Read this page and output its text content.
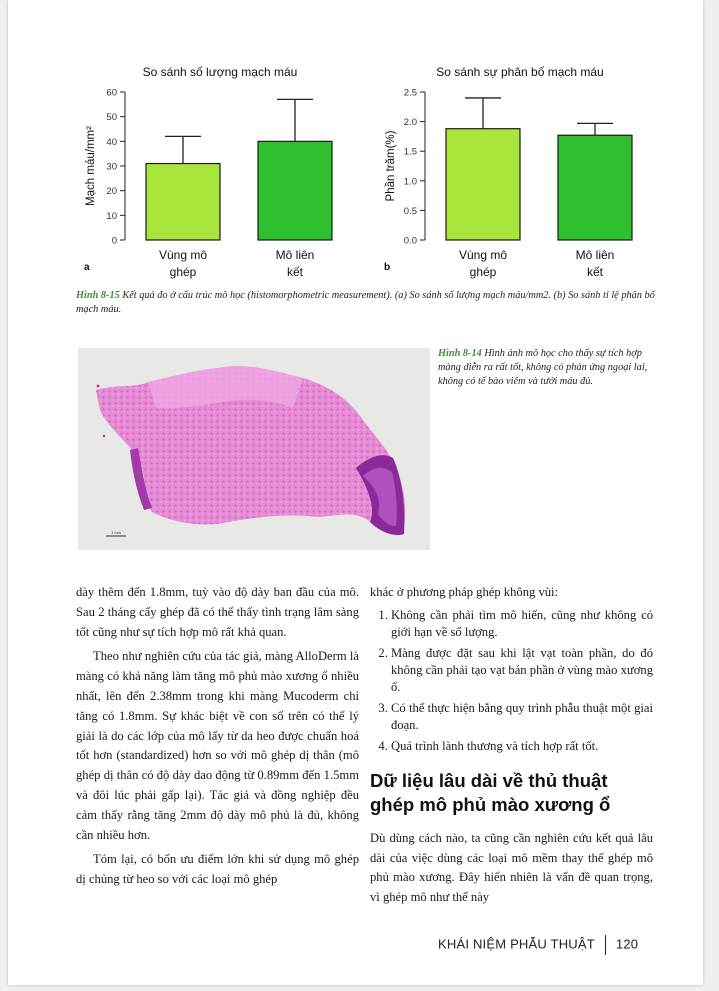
So sánh số lượng mạch máu
0
10
20
30
40
50
60
Mạch máu/mm²
Vùng mô
ghép
Mô liên
kết
a
So sánh sự phân bố mạch máu
0.0
0.5
1.0
1.5
2.0
2.5
Phần trăm(%)
Vùng mô
ghép
Mô liên
kết
b
Hình 8-15 Kết quả đo ở cấu trúc mô học (histomorphometric measurement). (a) So sánh số lượng mạch máu/mm2. (b) So sánh tỉ lệ phân bố mạch máu.
1 mm
Hình 8-14 Hình ảnh mô học cho thấy sự tích hợp màng diễn ra rất tốt, không có phản ứng ngoại lai, không có tế bào viêm và tưới máu đủ.

dày thêm đến 1.8mm, tuỳ vào độ dày ban đầu của mô. Sau 2 tháng cấy ghép đã có thể thấy tình trạng lâm sàng tốt cũng như sự tích hợp mô rất khả quan.

Theo như nghiên cứu của tác giả, màng AlloDerm là màng có khả năng làm tăng mô phủ mào xương ổ nhiều nhất, lên đến 2.38mm trong khi màng Mucoderm chỉ tăng có 1.8mm. Sự khác biệt về con số trên có thể lý giải là do các lớp của mô lấy từ da heo được chuẩn hoá tốt hơn (standardized) hơn so với mô ghép dị thân (mô ghép dị thân có độ dày dao động từ 0.89mm đến 1.5mm và đôi lúc phải gấp lại). Tác giả và đồng nghiệp đều cảm thấy rằng tăng 2mm độ dày mô phủ là đủ, không cần nhiều hơn.

Tóm lại, có bốn ưu điểm lớn khi sử dụng mô ghép dị chủng từ heo so với các loại mô ghép

khác ở phương pháp ghép không vùi:

1. Không cần phải tìm mô hiến, cũng như không có giới hạn về số lượng.
2. Màng được đặt sau khi lật vạt toàn phần, do đó không cần phải tạo vạt bán phần ở vùng mào xương ổ.
3. Có thể thực hiện bằng quy trình phẫu thuật một giai đoạn.
4. Quá trình lành thương và tích hợp rất tốt.
Dữ liệu lâu dài về thủ thuật ghép mô phủ mào xương ổ

Dù dùng cách nào, ta cũng cần nghiên cứu kết quả lâu dài của việc dùng các loại mô mềm thay thế ghép mô phủ mào xương. Đây hiển nhiên là vấn đề quan trọng, vì ghép mô như thế này

KHÁI NIỆM PHẪU THUẬT 120
